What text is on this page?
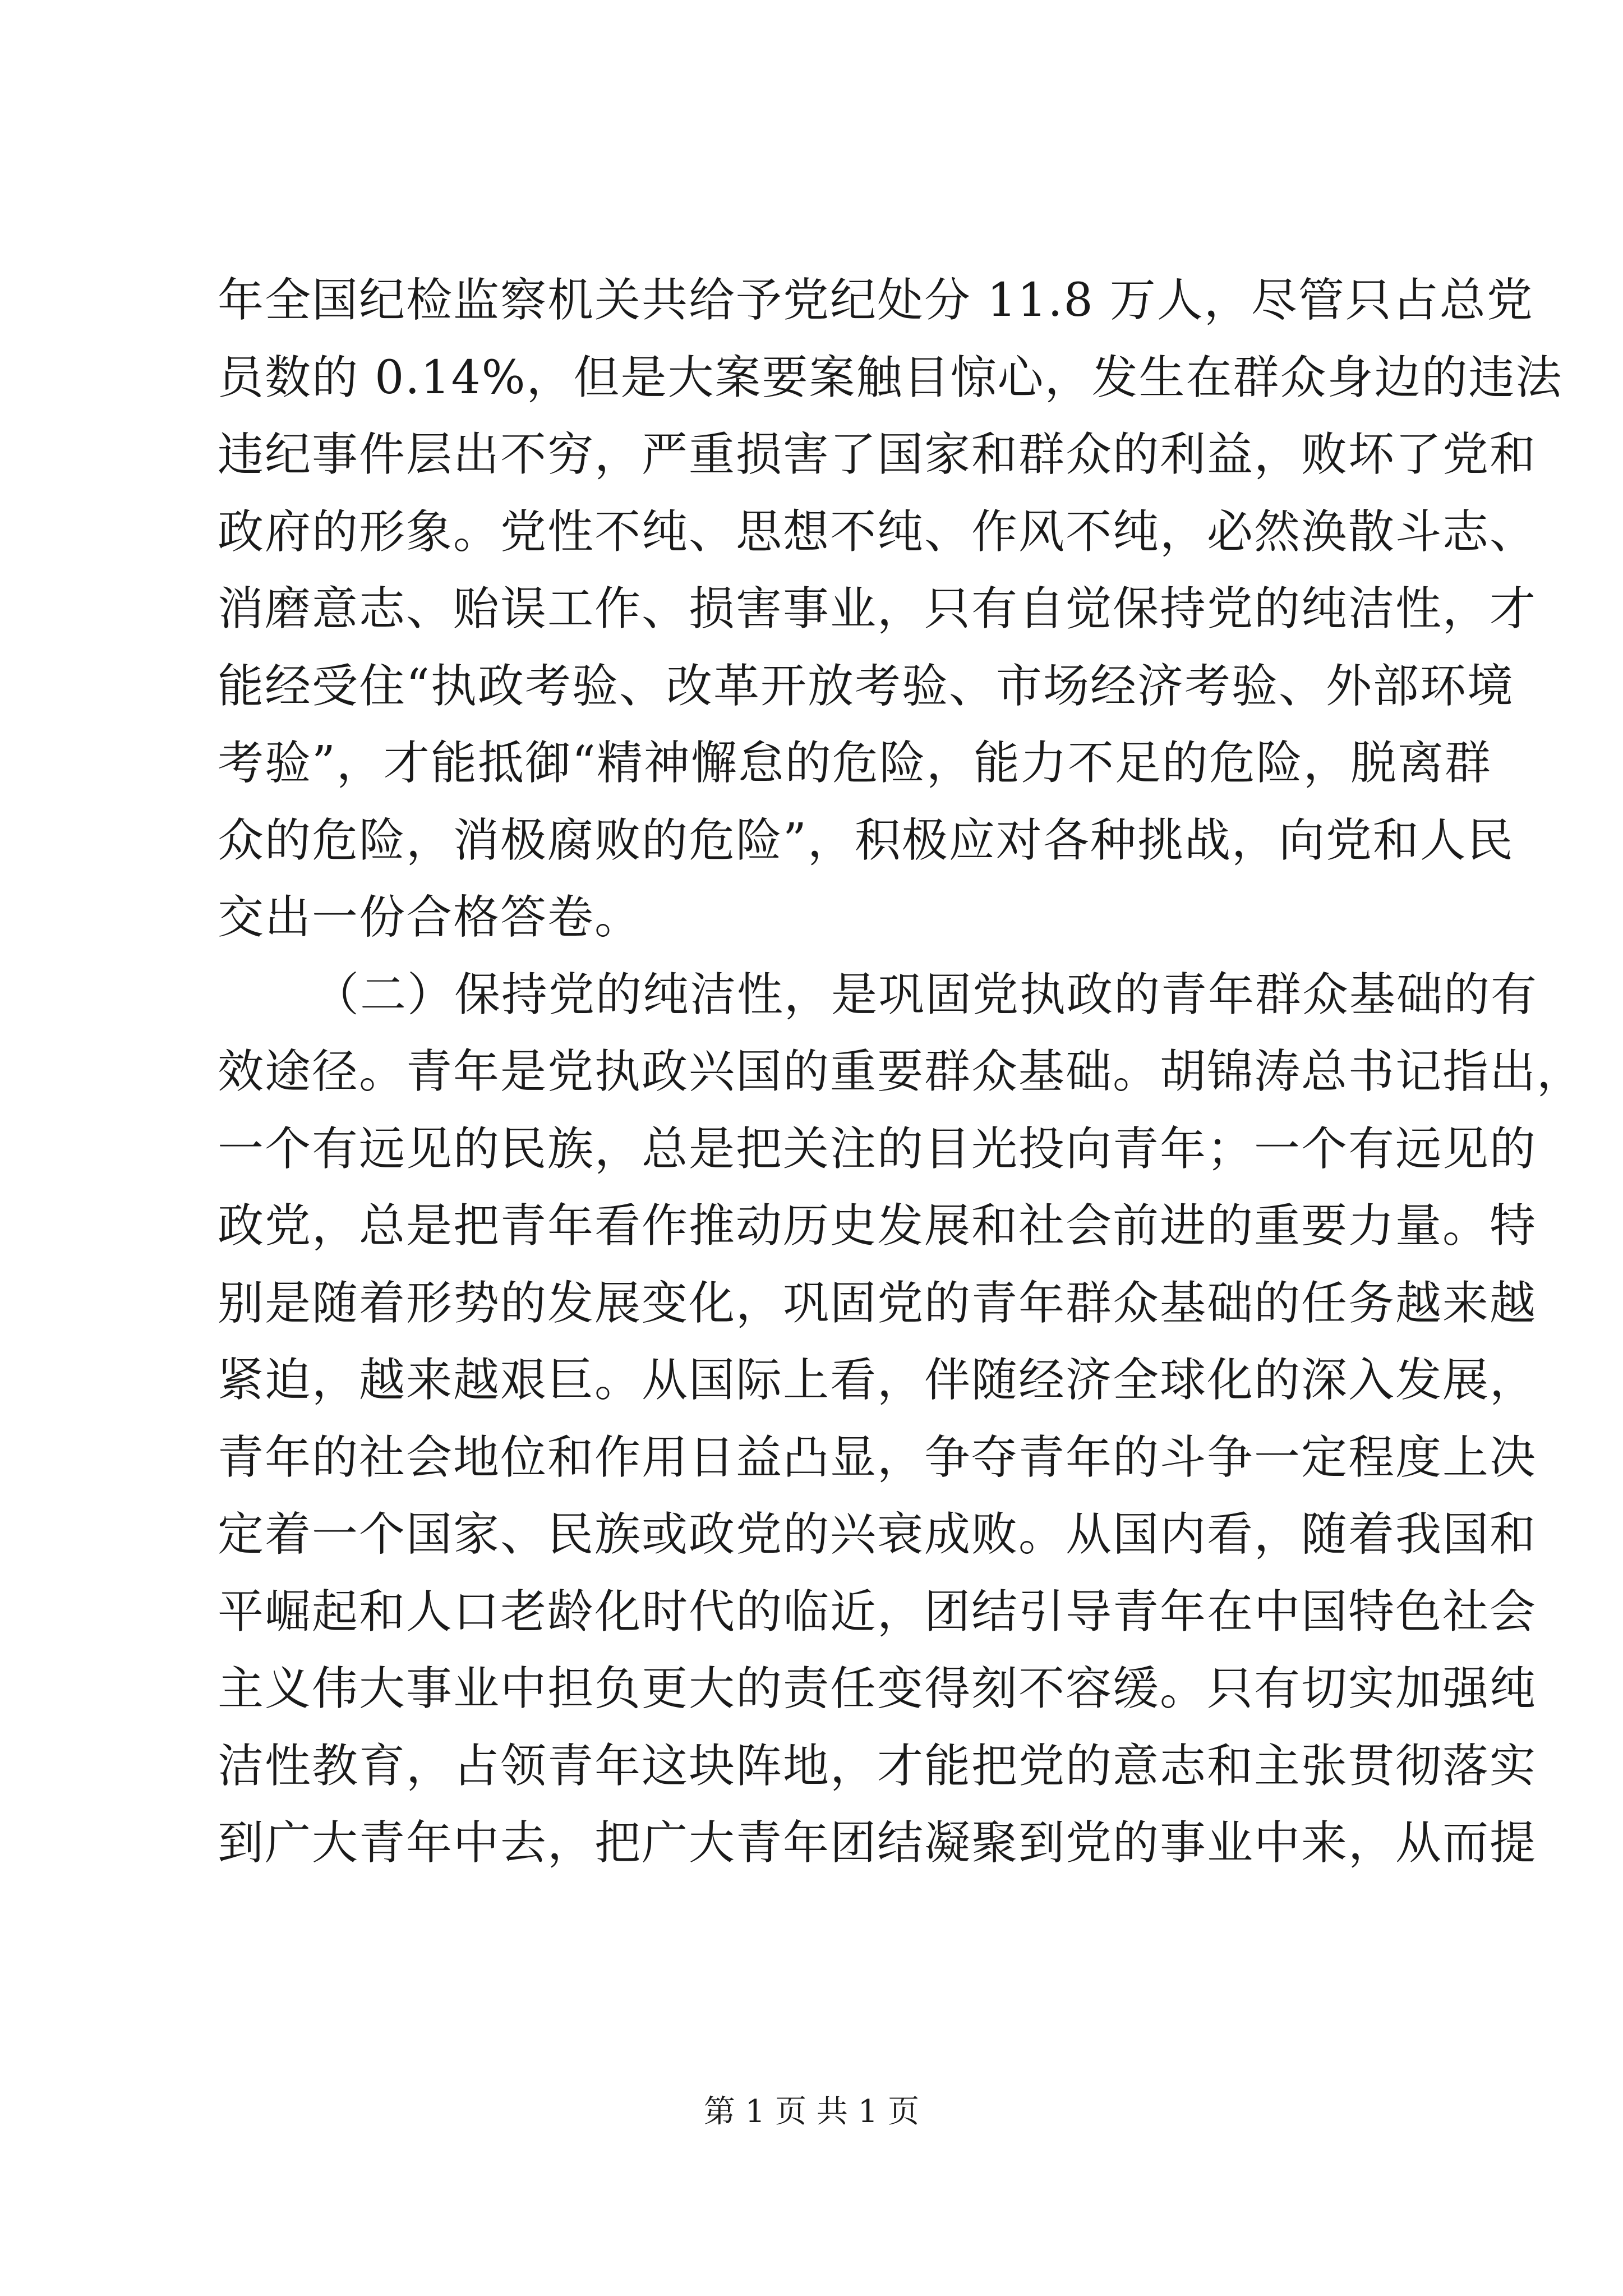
年全国纪检监察机关共给予党纪处分 11.8 万人，尽管只占总党
员数的 0.14%，但是大案要案触目惊心，发生在群众身边的违法
违纪事件层出不穷，严重损害了国家和群众的利益，败坏了党和
政府的形象。党性不纯、思想不纯、作风不纯，必然涣散斗志、
消磨意志、贻误工作、损害事业，只有自觉保持党的纯洁性，才
能经受住“执政考验、改革开放考验、市场经济考验、外部环境
考验”，才能抵御“精神懈怠的危险，能力不足的危险，脱离群
众的危险，消极腐败的危险”，积极应对各种挑战，向党和人民
交出一份合格答卷。
（二）保持党的纯洁性，是巩固党执政的青年群众基础的有
效途径。青年是党执政兴国的重要群众基础。胡锦涛总书记指出，
一个有远见的民族，总是把关注的目光投向青年；一个有远见的
政党，总是把青年看作推动历史发展和社会前进的重要力量。特
别是随着形势的发展变化，巩固党的青年群众基础的任务越来越
紧迫，越来越艰巨。从国际上看，伴随经济全球化的深入发展，
青年的社会地位和作用日益凸显，争夺青年的斗争一定程度上决
定着一个国家、民族或政党的兴衰成败。从国内看，随着我国和
平崛起和人口老龄化时代的临近，团结引导青年在中国特色社会
主义伟大事业中担负更大的责任变得刻不容缓。只有切实加强纯
洁性教育，占领青年这块阵地，才能把党的意志和主张贯彻落实
到广大青年中去，把广大青年团结凝聚到党的事业中来，从而提
第 1 页 共 1 页
